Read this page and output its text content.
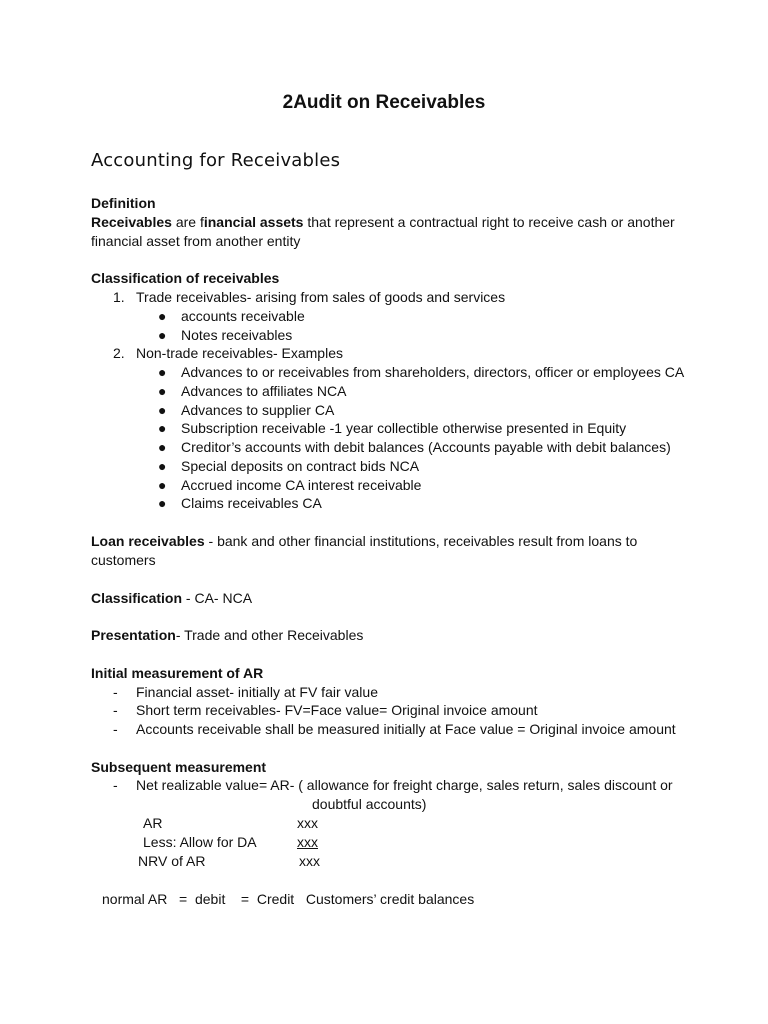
2Audit on Receivables
Accounting for Receivables
Definition
Receivables are financial assets that represent a contractual right to receive cash or another
financial asset from another entity
Classification of receivables
1. Trade receivables- arising from sales of goods and services
● accounts receivable
● Notes receivables
2. Non-trade receivables- Examples
● Advances to or receivables from shareholders, directors, officer or employees CA
● Advances to affiliates NCA
● Advances to supplier CA
● Subscription receivable -1 year collectible otherwise presented in Equity
● Creditor’s accounts with debit balances (Accounts payable with debit balances)
● Special deposits on contract bids NCA
● Accrued income CA interest receivable
● Claims receivables CA
Loan receivables - bank and other financial institutions, receivables result from loans to
customers
Classification - CA- NCA
Presentation- Trade and other Receivables
Initial measurement of AR
- Financial asset- initially at FV fair value
- Short term receivables- FV=Face value= Original invoice amount
- Accounts receivable shall be measured initially at Face value = Original invoice amount
Subsequent measurement
- Net realizable value= AR- ( allowance for freight charge, sales return, sales discount or
doubtful accounts)
AR	xxx
Less: Allow for DA	xxx
NRV of AR	xxx
normal AR   =  debit    =  Credit   Customers’ credit balances
